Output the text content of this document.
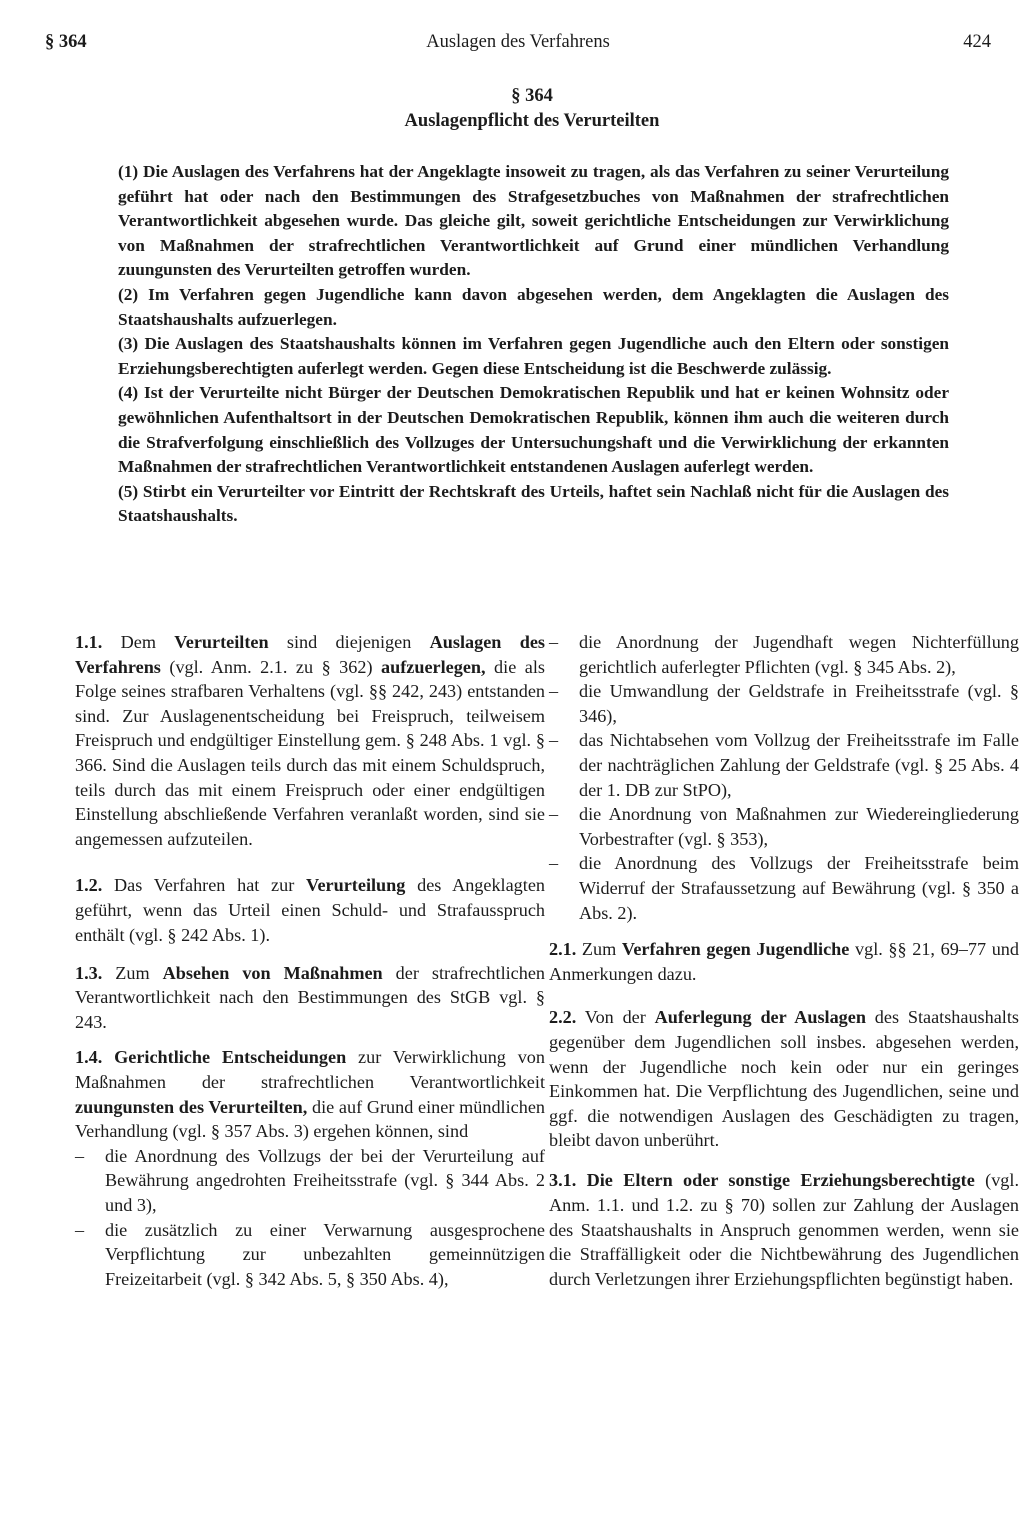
§ 364	Auslagen des Verfahrens	424
§ 364
Auslagenpflicht des Verurteilten

(1) Die Auslagen des Verfahrens hat der Angeklagte insoweit zu tragen, als das Verfahren zu seiner Verurteilung geführt hat oder nach den Bestimmungen des Strafgesetzbuches von Maßnahmen der strafrechtlichen Verantwortlichkeit abgesehen wurde. Das gleiche gilt, soweit gerichtliche Entscheidungen zur Verwirklichung von Maßnahmen der strafrechtlichen Verantwortlichkeit auf Grund einer mündlichen Verhandlung zuungunsten des Verurteilten getroffen wurden.

(2) Im Verfahren gegen Jugendliche kann davon abgesehen werden, dem Angeklagten die Auslagen des Staatshaushalts aufzuerlegen.

(3) Die Auslagen des Staatshaushalts können im Verfahren gegen Jugendliche auch den Eltern oder sonstigen Erziehungsberechtigten auferlegt werden. Gegen diese Entscheidung ist die Beschwerde zulässig.

(4) Ist der Verurteilte nicht Bürger der Deutschen Demokratischen Republik und hat er keinen Wohnsitz oder gewöhnlichen Aufenthaltsort in der Deutschen Demokratischen Republik, können ihm auch die weiteren durch die Strafverfolgung einschließlich des Vollzuges der Untersuchungshaft und die Verwirklichung der erkannten Maßnahmen der strafrechtlichen Verantwortlichkeit entstandenen Auslagen auferlegt werden.

(5) Stirbt ein Verurteilter vor Eintritt der Rechtskraft des Urteils, haftet sein Nachlaß nicht für die Auslagen des Staatshaushalts.

1.1. Dem Verurteilten sind diejenigen Auslagen des Verfahrens (vgl. Anm. 2.1. zu § 362) aufzuerlegen, die als Folge seines strafbaren Verhaltens (vgl. §§ 242, 243) entstanden sind. Zur Auslagenentscheidung bei Freispruch, teilweisem Freispruch und endgültiger Einstellung gem. § 248 Abs. 1 vgl. § 366. Sind die Auslagen teils durch das mit einem Schuldspruch, teils durch das mit einem Freispruch oder einer endgültigen Einstellung abschließende Verfahren veranlaßt worden, sind sie angemessen aufzuteilen.

1.2. Das Verfahren hat zur Verurteilung des Angeklagten geführt, wenn das Urteil einen Schuld- und Strafausspruch enthält (vgl. § 242 Abs. 1).

1.3. Zum Absehen von Maßnahmen der strafrechtlichen Verantwortlichkeit nach den Bestimmungen des StGB vgl. § 243.

1.4. Gerichtliche Entscheidungen zur Verwirklichung von Maßnahmen der strafrechtlichen Verantwortlichkeit zuungunsten des Verurteilten, die auf Grund einer mündlichen Verhandlung (vgl. § 357 Abs. 3) ergehen können, sind

– die Anordnung des Vollzugs der bei der Verurteilung auf Bewährung angedrohten Freiheitsstrafe (vgl. § 344 Abs. 2 und 3),
– die zusätzlich zu einer Verwarnung ausgesprochene Verpflichtung zur unbezahlten gemeinnützigen Freizeitarbeit (vgl. § 342 Abs. 5, § 350 Abs. 4),
– die Anordnung der Jugendhaft wegen Nichterfüllung gerichtlich auferlegter Pflichten (vgl. § 345 Abs. 2),
– die Umwandlung der Geldstrafe in Freiheitsstrafe (vgl. § 346),
– das Nichtabsehen vom Vollzug der Freiheitsstrafe im Falle der nachträglichen Zahlung der Geldstrafe (vgl. § 25 Abs. 4 der 1. DB zur StPO),
– die Anordnung von Maßnahmen zur Wiedereingliederung Vorbestrafter (vgl. § 353),
– die Anordnung des Vollzugs der Freiheitsstrafe beim Widerruf der Strafaussetzung auf Bewährung (vgl. § 350 a Abs. 2).

2.1. Zum Verfahren gegen Jugendliche vgl. §§ 21, 69–77 und Anmerkungen dazu.

2.2. Von der Auferlegung der Auslagen des Staatshaushalts gegenüber dem Jugendlichen soll insbes. abgesehen werden, wenn der Jugendliche noch kein oder nur ein geringes Einkommen hat. Die Verpflichtung des Jugendlichen, seine und ggf. die notwendigen Auslagen des Geschädigten zu tragen, bleibt davon unberührt.

3.1. Die Eltern oder sonstige Erziehungsberechtigte (vgl. Anm. 1.1. und 1.2. zu § 70) sollen zur Zahlung der Auslagen des Staatshaushalts in Anspruch genommen werden, wenn sie die Straffälligkeit oder die Nichtbewährung des Jugendlichen durch Verletzungen ihrer Erziehungspflichten begünstigt haben.
